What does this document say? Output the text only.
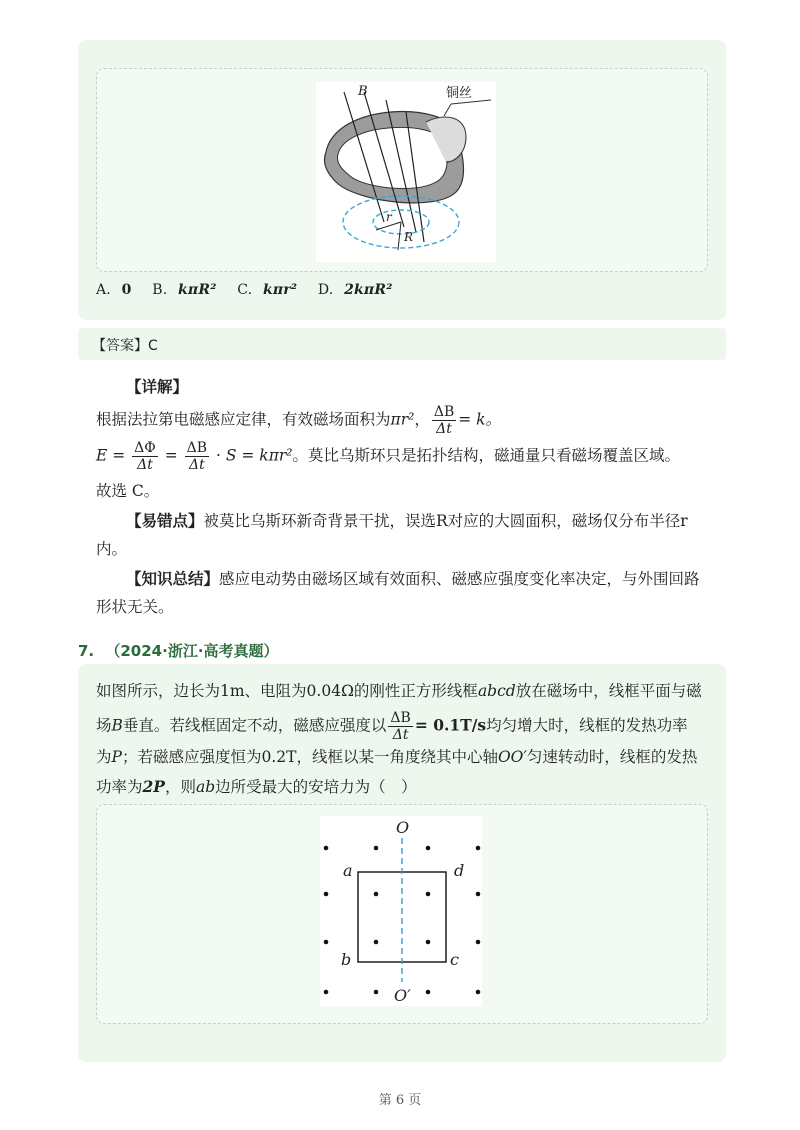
B	铜丝
r
R
A. 0 B. kπR² C. kπr² D. 2kπR²
【答案】C
【详解】
根据法拉第电磁感应定律，有效磁场面积为πr²， $\frac{\Delta B}{\Delta t} = k$。
$E = \frac{\Delta\Phi}{\Delta t} = \frac{\Delta B}{\Delta t} \cdot S = k\pi r^2$。莫比乌斯环只是拓扑结构，磁通量只看磁场覆盖区域。
故选 C。
【易错点】被莫比乌斯环新奇背景干扰，误选R对应的大圆面积，磁场仅分布半径r
内。
【知识总结】感应电动势由磁场区域有效面积、磁感应强度变化率决定，与外围回路
形状无关。
7. （2024·浙江·高考真题）
如图所示，边长为1m、电阻为0.04Ω的刚性正方形线框abcd放在磁场中，线框平面与磁
场B垂直。若线框固定不动，磁感应强度以 $\frac{\Delta B}{\Delta t} = 0.1T/s$均匀增大时，线框的发热功率
为P；若磁感应强度恒为0.2T，线框以某一角度绕其中心轴OO′匀速转动时，线框的发热
功率为2P，则ab边所受最大的安培力为（　）
O
O′
a	d
b	c
第 6 页
